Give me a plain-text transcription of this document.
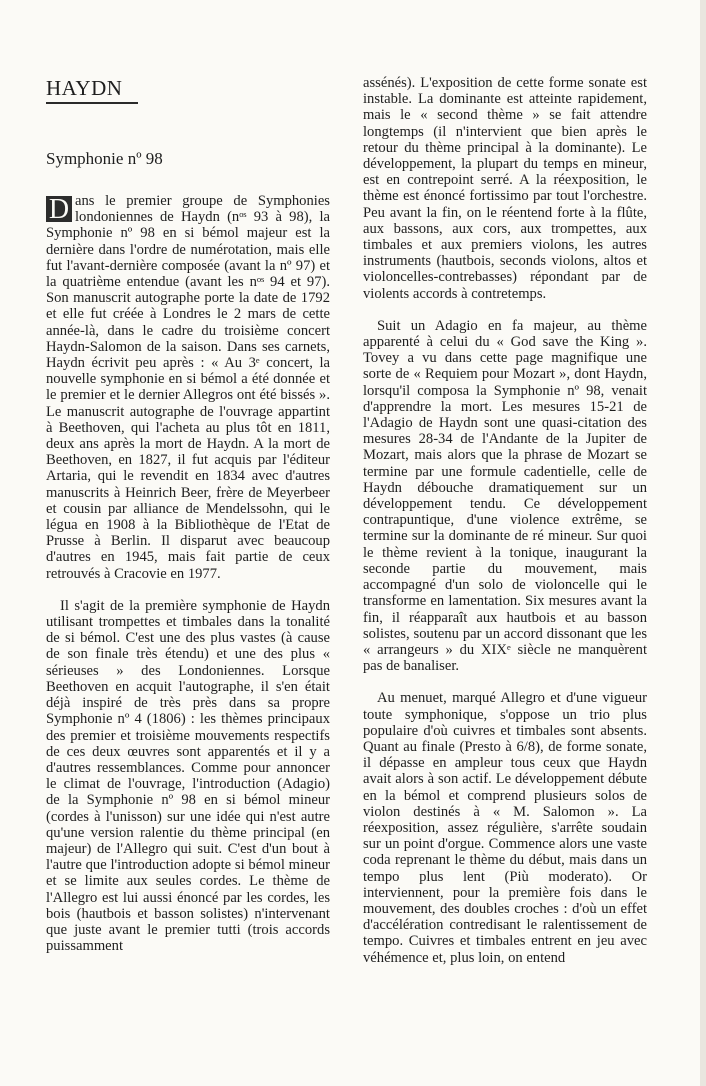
HAYDN
Symphonie nº 98

D ans le premier groupe de Symphonies londoniennes de Haydn (nᵒˢ 93 à 98), la Symphonie nº 98 en si bémol majeur est la dernière dans l'ordre de numérotation, mais elle fut l'avant-dernière composée (avant la nº 97) et la quatrième entendue (avant les nᵒˢ 94 et 97). Son manuscrit autographe porte la date de 1792 et elle fut créée à Londres le 2 mars de cette année-là, dans le cadre du troisième concert Haydn-Salomon de la saison. Dans ses carnets, Haydn écrivit peu après : « Au 3ᵉ concert, la nouvelle symphonie en si bémol a été donnée et le premier et le dernier Allegros ont été bissés ». Le manuscrit autographe de l'ouvrage appartint à Beethoven, qui l'acheta au plus tôt en 1811, deux ans après la mort de Haydn. A la mort de Beethoven, en 1827, il fut acquis par l'éditeur Artaria, qui le revendit en 1834 avec d'autres manuscrits à Heinrich Beer, frère de Meyerbeer et cousin par alliance de Mendelssohn, qui le légua en 1908 à la Bibliothèque de l'Etat de Prusse à Berlin. Il disparut avec beaucoup d'autres en 1945, mais fait partie de ceux retrouvés à Cracovie en 1977.

Il s'agit de la première symphonie de Haydn utilisant trompettes et timbales dans la tonalité de si bémol. C'est une des plus vastes (à cause de son finale très étendu) et une des plus « sérieuses » des Londoniennes. Lorsque Beethoven en acquit l'autographe, il s'en était déjà inspiré de très près dans sa propre Symphonie nº 4 (1806) : les thèmes principaux des premier et troisième mouvements respectifs de ces deux œuvres sont apparentés et il y a d'autres ressemblances. Comme pour annoncer le climat de l'ouvrage, l'introduction (Adagio) de la Symphonie nº 98 en si bémol mineur (cordes à l'unisson) sur une idée qui n'est autre qu'une version ralentie du thème principal (en majeur) de l'Allegro qui suit. C'est d'un bout à l'autre que l'introduction adopte si bémol mineur et se limite aux seules cordes. Le thème de l'Allegro est lui aussi énoncé par les cordes, les bois (hautbois et basson solistes) n'intervenant que juste avant le premier tutti (trois accords puissamment

assénés). L'exposition de cette forme sonate est instable. La dominante est atteinte rapidement, mais le « second thème » se fait attendre longtemps (il n'intervient que bien après le retour du thème principal à la dominante). Le développement, la plupart du temps en mineur, est en contrepoint serré. A la réexposition, le thème est énoncé fortissimo par tout l'orchestre. Peu avant la fin, on le réentend forte à la flûte, aux bassons, aux cors, aux trompettes, aux timbales et aux premiers violons, les autres instruments (hautbois, seconds violons, altos et violoncelles-contrebasses) répondant par de violents accords à contretemps.

Suit un Adagio en fa majeur, au thème apparenté à celui du « God save the King ». Tovey a vu dans cette page magnifique une sorte de « Requiem pour Mozart », dont Haydn, lorsqu'il composa la Symphonie nº 98, venait d'apprendre la mort. Les mesures 15-21 de l'Adagio de Haydn sont une quasi-citation des mesures 28-34 de l'Andante de la Jupiter de Mozart, mais alors que la phrase de Mozart se termine par une formule cadentielle, celle de Haydn débouche dramatiquement sur un développement tendu. Ce développement contrapuntique, d'une violence extrême, se termine sur la dominante de ré mineur. Sur quoi le thème revient à la tonique, inaugurant la seconde partie du mouvement, mais accompagné d'un solo de violoncelle qui le transforme en lamentation. Six mesures avant la fin, il réapparaît aux hautbois et au basson solistes, soutenu par un accord dissonant que les « arrangeurs » du XIXᵉ siècle ne manquèrent pas de banaliser.

Au menuet, marqué Allegro et d'une vigueur toute symphonique, s'oppose un trio plus populaire d'où cuivres et timbales sont absents. Quant au finale (Presto à 6/8), de forme sonate, il dépasse en ampleur tous ceux que Haydn avait alors à son actif. Le développement débute en la bémol et comprend plusieurs solos de violon destinés à « M. Salomon ». La réexposition, assez régulière, s'arrête soudain sur un point d'orgue. Commence alors une vaste coda reprenant le thème du début, mais dans un tempo plus lent (Più moderato). Or interviennent, pour la première fois dans le mouvement, des doubles croches : d'où un effet d'accélération contredisant le ralentissement de tempo. Cuivres et timbales entrent en jeu avec véhémence et, plus loin, on entend
